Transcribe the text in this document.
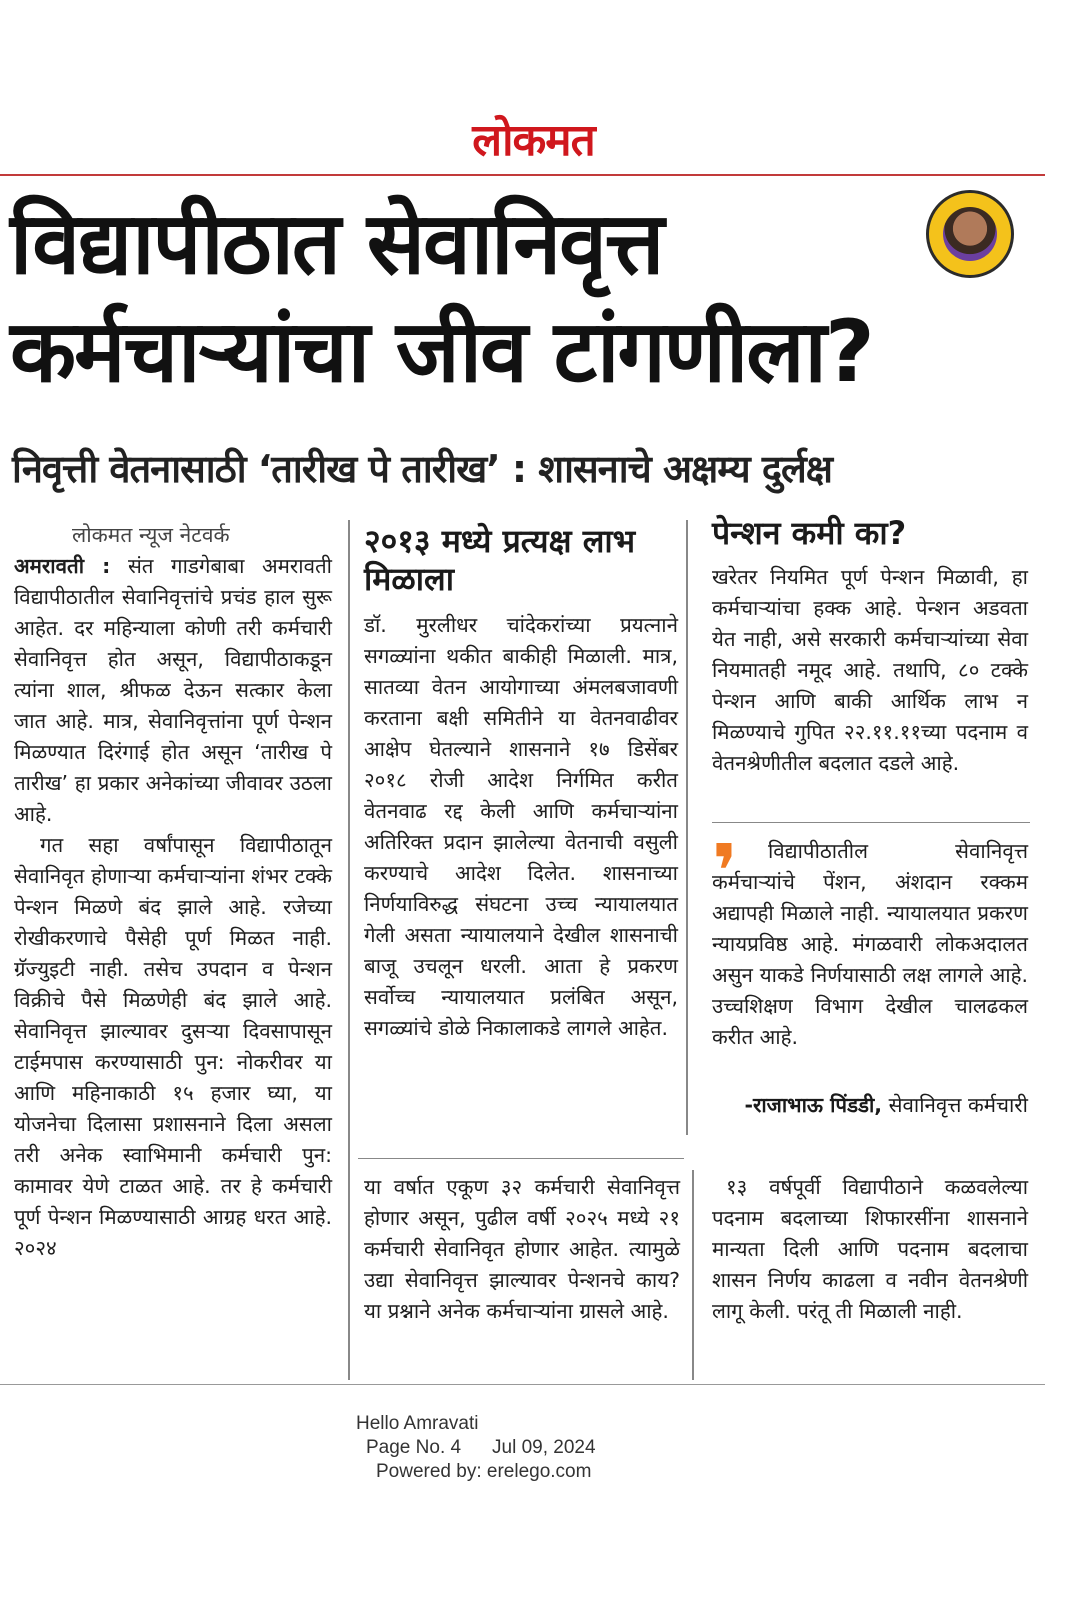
लोकमत
विद्यापीठात सेवानिवृत्त
कर्मचाऱ्यांचा जीव टांगणीला?
निवृत्ती वेतनासाठी ‘तारीख पे तारीख’ : शासनाचे अक्षम्य दुर्लक्ष

लोकमत न्यूज नेटवर्क

अमरावती : संत गाडगेबाबा अमरावती विद्यापीठातील सेवानिवृत्तांचे प्रचंड हाल सुरू आहेत. दर महिन्याला कोणी तरी कर्मचारी सेवानिवृत्त होत असून, विद्यापीठाकडून त्यांना शाल, श्रीफळ देऊन सत्कार केला जात आहे. मात्र, सेवानिवृत्तांना पूर्ण पेन्शन मिळण्यात दिरंगाई होत असून ‘तारीख पे तारीख’ हा प्रकार अनेकांच्या जीवावर उठला आहे.

गत सहा वर्षांपासून विद्यापीठातून सेवानिवृत होणाऱ्या कर्मचाऱ्यांना शंभर टक्के पेन्शन मिळणे बंद झाले आहे. रजेच्या रोखीकरणाचे पैसेही पूर्ण मिळत नाही. ग्रॅज्युइटी नाही. तसेच उपदान व पेन्शन विक्रीचे पैसे मिळणेही बंद झाले आहे. सेवानिवृत्त झाल्यावर दुसऱ्या दिवसापासून टाईमपास करण्यासाठी पुन: नोकरीवर या आणि महिनाकाठी १५ हजार घ्या, या योजनेचा दिलासा प्रशासनाने दिला असला तरी अनेक स्वाभिमानी कर्मचारी पुन: कामावर येणे टाळत आहे. तर हे कर्मचारी पूर्ण पेन्शन मिळण्यासाठी आग्रह धरत आहे. २०२४

२०१३ मध्ये प्रत्यक्ष लाभ मिळाला
डॉ. मुरलीधर चांदेकरांच्या प्रयत्नाने सगळ्यांना थकीत बाकीही मिळाली. मात्र, सातव्या वेतन आयोगाच्या अंमलबजावणी करताना बक्षी समितीने या वेतनवाढीवर आक्षेप घेतल्याने शासनाने १७ डिसेंबर २०१८ रोजी आदेश निर्गमित करीत वेतनवाढ रद्द केली आणि कर्मचाऱ्यांना अतिरिक्त प्रदान झालेल्या वेतनाची वसुली करण्याचे आदेश दिलेत. शासनाच्या निर्णयाविरुद्ध संघटना उच्च न्यायालयात गेली असता न्यायालयाने देखील शासनाची बाजू उचलून धरली. आता हे प्रकरण सर्वोच्च न्यायालयात प्रलंबित असून, सगळ्यांचे डोळे निकालाकडे लागले आहेत.
या वर्षात एकूण ३२ कर्मचारी सेवानिवृत्त होणार असून, पुढील वर्षी २०२५ मध्ये २१ कर्मचारी सेवानिवृत होणार आहेत. त्यामुळे उद्या सेवानिवृत्त झाल्यावर पेन्शनचे काय? या प्रश्नाने अनेक कर्मचाऱ्यांना ग्रासले आहे.
पेन्शन कमी का?
खरेतर नियमित पूर्ण पेन्शन मिळावी, हा कर्मचाऱ्यांचा हक्क आहे. पेन्शन अडवता येत नाही, असे सरकारी कर्मचाऱ्यांच्या सेवा नियमातही नमूद आहे. तथापि, ८० टक्के पेन्शन आणि बाकी आर्थिक लाभ न मिळण्याचे गुपित २२.११.११च्या पदनाम व वेतनश्रेणीतील बदलात दडले आहे.
❜	विद्यापीठातील सेवानिवृत्त कर्मचाऱ्यांचे पेंशन, अंशदान रक्कम अद्यापही मिळाले नाही. न्यायालयात प्रकरण न्यायप्रविष्ठ आहे. मंगळवारी लोकअदालत असुन याकडे निर्णयासाठी लक्ष लागले आहे. उच्चशिक्षण विभाग देखील चालढकल करीत आहे.
-राजाभाऊ पिंडडी, सेवानिवृत्त कर्मचारी
१३ वर्षपूर्वी विद्यापीठाने कळवलेल्या पदनाम बदलाच्या शिफारसींना शासनाने मान्यता दिली आणि पदनाम बदलाचा शासन निर्णय काढला व नवीन वेतनश्रेणी लागू केली. परंतू ती मिळाली नाही.
Hello Amravati
Page No. 4 Jul 09, 2024
Powered by: erelego.com
